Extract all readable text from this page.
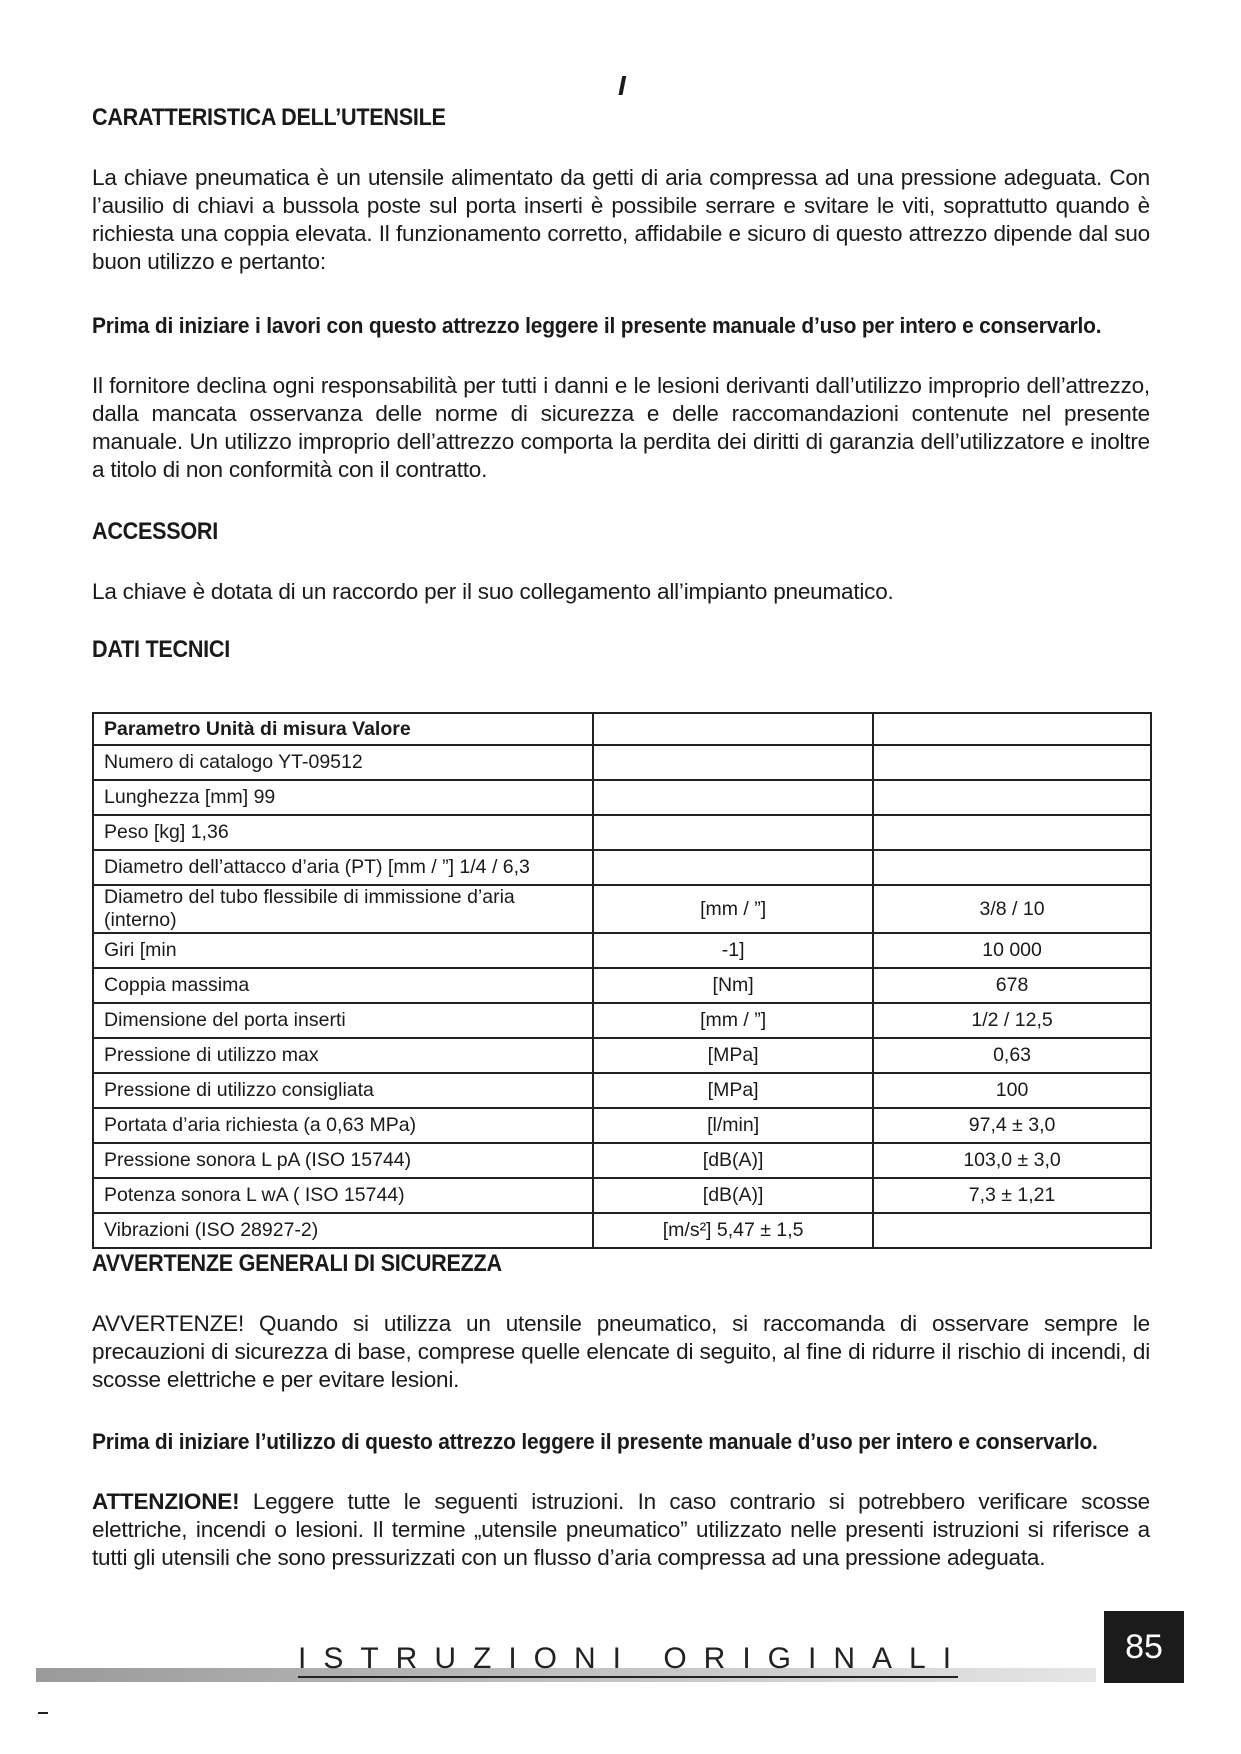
I
CARATTERISTICA DELL’UTENSILE

La chiave pneumatica è un utensile alimentato da getti di aria compressa ad una pressione adeguata. Con l’ausilio di chiavi a bussola poste sul porta inserti è possibile serrare e svitare le viti, soprattutto quando è richiesta una coppia elevata. Il funzionamento corretto, affidabile e sicuro di questo attrezzo dipende dal suo buon utilizzo e pertanto:

Prima di iniziare i lavori con questo attrezzo leggere il presente manuale d’uso per intero e conservarlo.

Il fornitore declina ogni responsabilità per tutti i danni e le lesioni derivanti dall’utilizzo improprio dell’attrezzo, dalla mancata osservanza delle norme di sicurezza e delle raccomandazioni contenute nel presente manuale. Un utilizzo improprio dell’attrezzo comporta la perdita dei diritti di garanzia dell’utilizzatore e inoltre a titolo di non conformità con il contratto.

ACCESSORI

La chiave è dotata di un raccordo per il suo collegamento all’impianto pneumatico.

DATI TECNICI
Parametro Unità di misura Valore		
Numero di catalogo YT-09512		
Lunghezza [mm] 99		
Peso [kg] 1,36		
Diametro dell’attacco d’aria (PT) [mm / ”] 1/4 / 6,3		
Diametro del tubo flessibile di immissione d’aria (interno)	[mm / ”]	3/8 / 10
Giri [min	-1]	10 000
Coppia massima	[Nm]	678
Dimensione del porta inserti	[mm / ”]	1/2 / 12,5
Pressione di utilizzo max	[MPa]	0,63
Pressione di utilizzo consigliata	[MPa]	100
Portata d’aria richiesta (a 0,63 MPa)	[l/min]	97,4 ± 3,0
Pressione sonora L pA (ISO 15744)	[dB(A)]	103,0 ± 3,0
Potenza sonora L wA ( ISO 15744)	[dB(A)]	7,3 ± 1,21
Vibrazioni (ISO 28927-2)	[m/s²] 5,47 ± 1,5	
AVVERTENZE GENERALI DI SICUREZZA

AVVERTENZE! Quando si utilizza un utensile pneumatico, si raccomanda di osservare sempre le precauzioni di sicurezza di base, comprese quelle elencate di seguito, al fine di ridurre il rischio di incendi, di scosse elettriche e per evitare lesioni.

Prima di iniziare l’utilizzo di questo attrezzo leggere il presente manuale d’uso per intero e conservarlo.

ATTENZIONE! Leggere tutte le seguenti istruzioni. In caso contrario si potrebbero verificare scosse elettriche, incendi o lesioni. Il termine „utensile pneumatico” utilizzato nelle presenti istruzioni si riferisce a tutti gli utensili che sono pressurizzati con un flusso d’aria compressa ad una pressione adeguata.

ISTRUZIONI ORIGINALI	85
